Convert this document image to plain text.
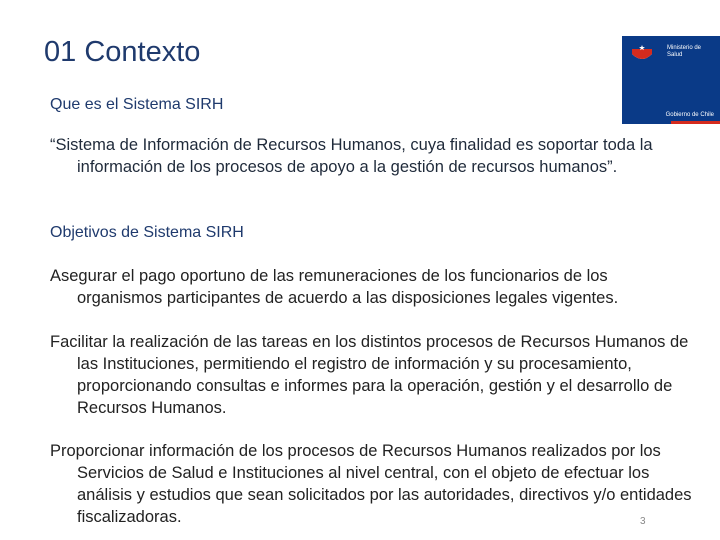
01 Contexto	Ministerio de
Salud
Gobierno de Chile
Que es el Sistema SIRH
“Sistema de Información de Recursos Humanos, cuya finalidad es soportar toda la información de los procesos de apoyo a la gestión de recursos humanos”.
Objetivos de Sistema SIRH
Asegurar el pago oportuno de las remuneraciones de los funcionarios de los organismos participantes de acuerdo a las disposiciones legales vigentes.
Facilitar la realización de las tareas en los distintos procesos de Recursos Humanos de las Instituciones, permitiendo el registro de información y su procesamiento, proporcionando consultas e informes para la operación, gestión y el desarrollo de Recursos Humanos.
Proporcionar información de los procesos de Recursos Humanos realizados por los Servicios de Salud e Instituciones al nivel central, con el objeto de efectuar los análisis y estudios que sean solicitados por las autoridades, directivos y/o entidades fiscalizadoras.	3
